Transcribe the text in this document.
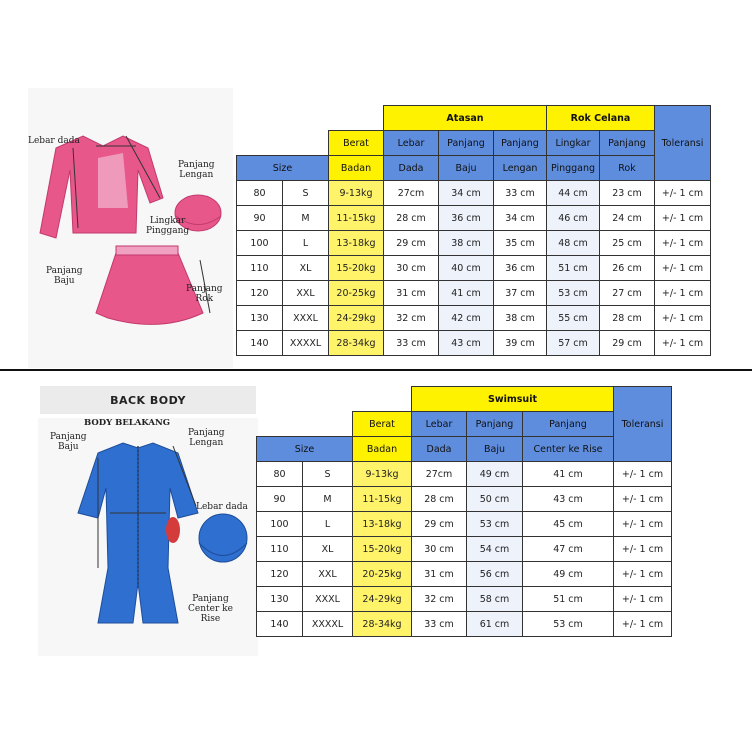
Lebar dada
Panjang
Lengan
Lingkar
Pinggang
Panjang
Baju
Panjang
Rok
			Atasan			Rok Celana		Toleransi
		Berat	Lebar	Panjang	Panjang	Lingkar	Panjang	
Size		Badan	Dada	Baju	Lengan	Pinggang	Rok	
80	S	9-13kg	27cm	34 cm	33 cm	44 cm	23 cm	+/- 1 cm
90	M	11-15kg	28 cm	36 cm	34 cm	46 cm	24 cm	+/- 1 cm
100	L	13-18kg	29 cm	38 cm	35 cm	48 cm	25 cm	+/- 1 cm
110	XL	15-20kg	30 cm	40 cm	36 cm	51 cm	26 cm	+/- 1 cm
120	XXL	20-25kg	31 cm	41 cm	37 cm	53 cm	27 cm	+/- 1 cm
130	XXXL	24-29kg	32 cm	42 cm	38 cm	55 cm	28 cm	+/- 1 cm
140	XXXXL	28-34kg	33 cm	43 cm	39 cm	57 cm	29 cm	+/- 1 cm
BACK BODY
BODY BELAKANG
Panjang
Baju
Panjang
Lengan
Lebar dada
Panjang
Center ke
Rise
			Swimsuit			Toleransi
		Berat	Lebar	Panjang	Panjang	
Size		Badan	Dada	Baju	Center ke Rise	
80	S	9-13kg	27cm	49 cm	41 cm	+/- 1 cm
90	M	11-15kg	28 cm	50 cm	43 cm	+/- 1 cm
100	L	13-18kg	29 cm	53 cm	45 cm	+/- 1 cm
110	XL	15-20kg	30 cm	54 cm	47 cm	+/- 1 cm
120	XXL	20-25kg	31 cm	56 cm	49 cm	+/- 1 cm
130	XXXL	24-29kg	32 cm	58 cm	51 cm	+/- 1 cm
140	XXXXL	28-34kg	33 cm	61 cm	53 cm	+/- 1 cm
